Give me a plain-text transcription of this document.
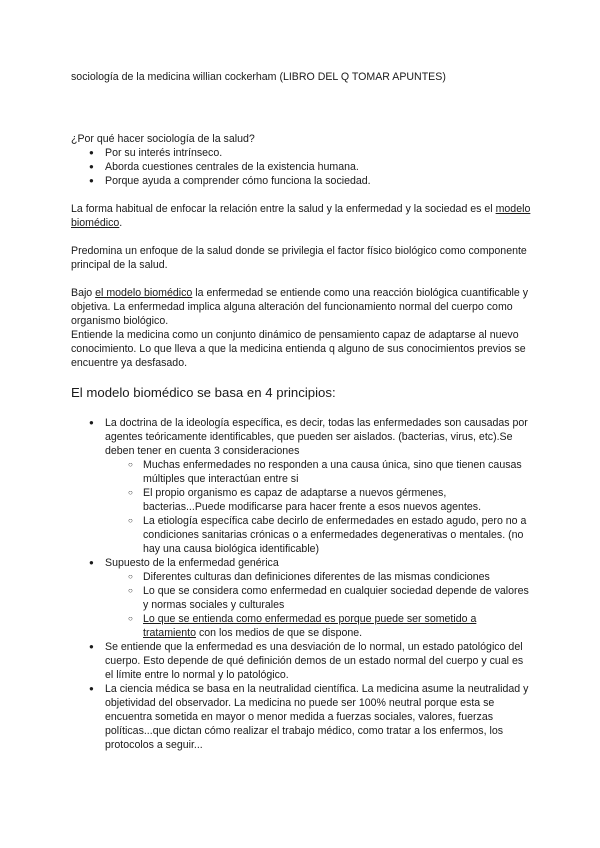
sociología de la medicina willian cockerham (LIBRO DEL Q TOMAR APUNTES)

¿Por qué hacer sociología de la salud?

● Por su interés intrínseco.
● Aborda cuestiones centrales de la existencia humana.
● Porque ayuda a comprender cómo funciona la sociedad.

La forma habitual de enfocar la relación entre la salud y la enfermedad y la sociedad es el modelo biomédico.

Predomina un enfoque de la salud donde se privilegia el factor físico biológico como componente principal de la salud.

Bajo el modelo biomédico la enfermedad se entiende como una reacción biológica cuantificable y objetiva. La enfermedad implica alguna alteración del funcionamiento normal del cuerpo como organismo biológico.

Entiende la medicina como un conjunto dinámico de pensamiento capaz de adaptarse al nuevo conocimiento. Lo que lleva a que la medicina entienda q alguno de sus conocimientos previos se encuentre ya desfasado.

El modelo biomédico se basa en 4 principios:
● La doctrina de la ideología específica, es decir, todas las enfermedades son causadas por agentes teóricamente identificables, que pueden ser aislados. (bacterias, virus, etc).Se deben tener en cuenta 3 consideraciones
○ Muchas enfermedades no responden a una causa única, sino que tienen causas múltiples que interactúan entre si
○ El propio organismo es capaz de adaptarse a nuevos gérmenes, bacterias...Puede modificarse para hacer frente a esos nuevos agentes.
○ La etiología específica cabe decirlo de enfermedades en estado agudo, pero no a condiciones sanitarias crónicas o a enfermedades degenerativas o mentales. (no hay una causa biológica identificable)
● Supuesto de la enfermedad genérica
○ Diferentes culturas dan definiciones diferentes de las mismas condiciones
○ Lo que se considera como enfermedad en cualquier sociedad depende de valores y normas sociales y culturales
○ Lo que se entienda como enfermedad es porque puede ser sometido a tratamiento con los medios de que se dispone.
● Se entiende que la enfermedad es una desviación de lo normal, un estado patológico del cuerpo. Esto depende de qué definición demos de un estado normal del cuerpo y cual es el límite entre lo normal y lo patológico.
● La ciencia médica se basa en la neutralidad científica. La medicina asume la neutralidad y objetividad del observador. La medicina no puede ser 100% neutral porque esta se encuentra sometida en mayor o menor medida a fuerzas sociales, valores, fuerzas políticas...que dictan cómo realizar el trabajo médico, como tratar a los enfermos, los protocolos a seguir...
